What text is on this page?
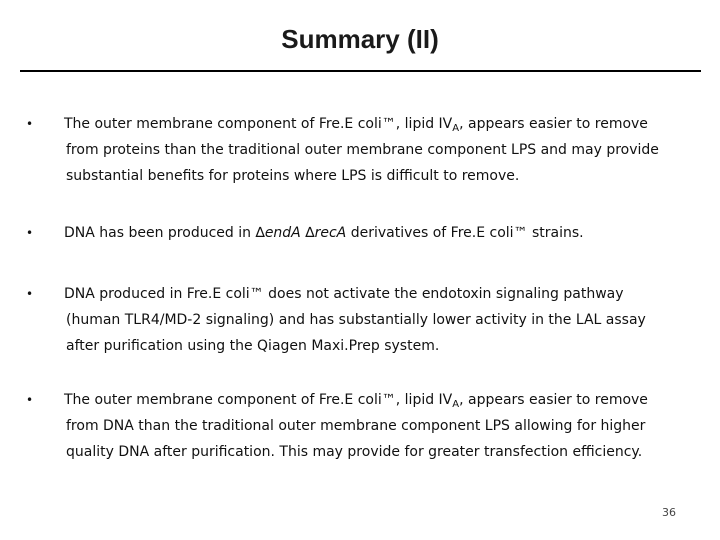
Summary (II)
• The outer membrane component of Fre.E coli™, lipid $IV_A$, appears easier to remove
from proteins than the traditional outer membrane component LPS and may provide
substantial benefits for proteins where LPS is difficult to remove.
• DNA has been produced in ∆endA ∆recA derivatives of Fre.E coli™ strains.
• DNA produced in Fre.E coli™ does not activate the endotoxin signaling pathway
(human TLR4/MD-2 signaling) and has substantially lower activity in the LAL assay
after purification using the Qiagen Maxi.Prep system.
• The outer membrane component of Fre.E coli™, lipid $IV_A$, appears easier to remove
from DNA than the traditional outer membrane component LPS allowing for higher
quality DNA after purification. This may provide for greater transfection efficiency.
36
